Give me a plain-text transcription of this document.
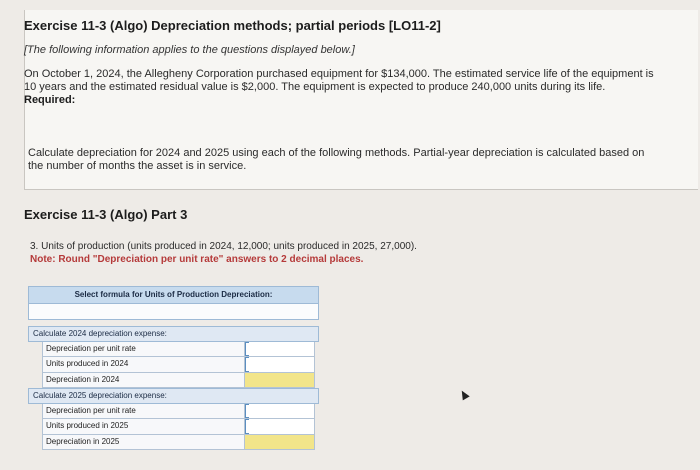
Exercise 11-3 (Algo) Depreciation methods; partial periods [LO11-2]
[The following information applies to the questions displayed below.]
On October 1, 2024, the Allegheny Corporation purchased equipment for $134,000. The estimated service life of the equipment is 10 years and the estimated residual value is $2,000. The equipment is expected to produce 240,000 units during its life.
Required:
Calculate depreciation for 2024 and 2025 using each of the following methods. Partial-year depreciation is calculated based on the number of months the asset is in service.
Exercise 11-3 (Algo) Part 3
3. Units of production (units produced in 2024, 12,000; units produced in 2025, 27,000).
Note: Round "Depreciation per unit rate" answers to 2 decimal places.
Select formula for Units of Production Depreciation:
Calculate 2024 depreciation expense:
Depreciation per unit rate
Units produced in 2024
Depreciation in 2024
Calculate 2025 depreciation expense:
Depreciation per unit rate
Units produced in 2025
Depreciation in 2025
